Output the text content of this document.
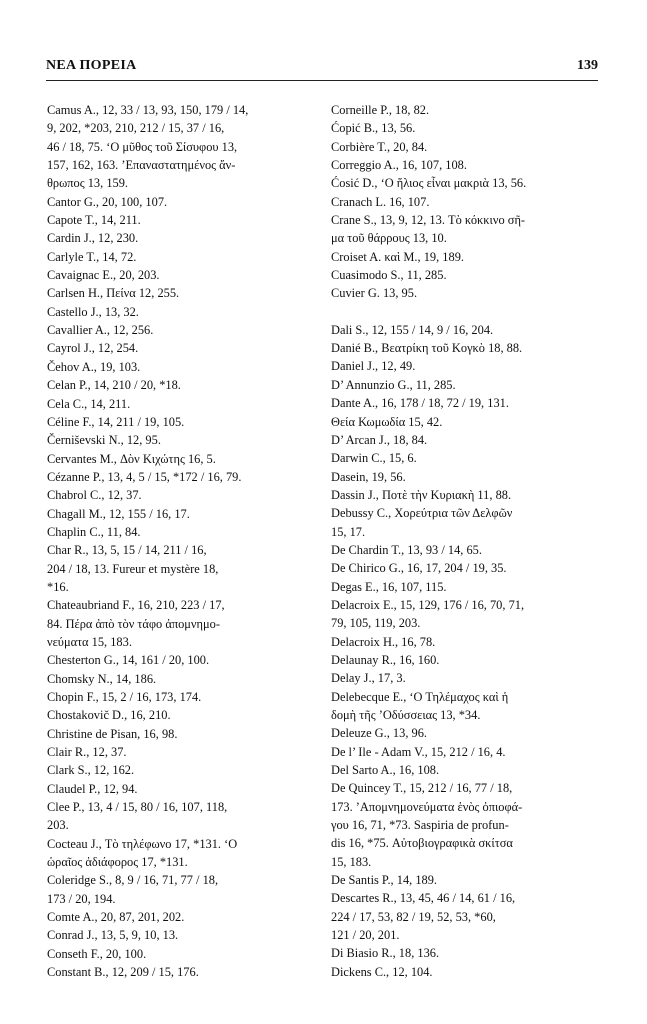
ΝΕΑ ΠΟΡΕΙΑ	139
Camus A., 12, 33 / 13, 93, 150, 179 / 14,
9, 202, *203, 210, 212 / 15, 37 / 16,
46 / 18, 75. ‘Ο μῦθος τοῦ Σίσυφου 13,
157, 162, 163. ’Επαναστατημένος ἄν-
θρωπος 13, 159.
Cantor G., 20, 100, 107.
Capote T., 14, 211.
Cardin J., 12, 230.
Carlyle T., 14, 72.
Cavaignac E., 20, 203.
Carlsen H., Πείνα 12, 255.
Castello J., 13, 32.
Cavallier A., 12, 256.
Cayrol J., 12, 254.
Čehov A., 19, 103.
Celan P., 14, 210 / 20, *18.
Cela C., 14, 211.
Céline F., 14, 211 / 19, 105.
Černiševski N., 12, 95.
Cervantes M., Δὸν Κιχώτης 16, 5.
Cézanne P., 13, 4, 5 / 15, *172 / 16, 79.
Chabrol C., 12, 37.
Chagall M., 12, 155 / 16, 17.
Chaplin C., 11, 84.
Char R., 13, 5, 15 / 14, 211 / 16,
204 / 18, 13. Fureur et mystère 18,
*16.
Chateaubriand F., 16, 210, 223 / 17,
84. Πέρα ἀπὸ τὸν τάφο ἀπομνημο-
νεύματα 15, 183.
Chesterton G., 14, 161 / 20, 100.
Chomsky N., 14, 186.
Chopin F., 15, 2 / 16, 173, 174.
Chostakovič D., 16, 210.
Christine de Pisan, 16, 98.
Clair R., 12, 37.
Clark S., 12, 162.
Claudel P., 12, 94.
Clee P., 13, 4 / 15, 80 / 16, 107, 118,
203.
Cocteau J., Τὸ τηλέφωνο 17, *131. ‘Ο
ὡραῖος ἀδιάφορος 17, *131.
Coleridge S., 8, 9 / 16, 71, 77 / 18,
173 / 20, 194.
Comte A., 20, 87, 201, 202.
Conrad J., 13, 5, 9, 10, 13.
Conseth F., 20, 100.
Constant B., 12, 209 / 15, 176.
Corneille P., 18, 82.
Ćopić B., 13, 56.
Corbière T., 20, 84.
Correggio A., 16, 107, 108.
Ćosić D., ‘Ο ἥλιος εἶναι μακριὰ 13, 56.
Cranach L. 16, 107.
Crane S., 13, 9, 12, 13. Τὸ κόκκινο σῆ-
μα τοῦ θάρρους 13, 10.
Croiset A. καὶ M., 19, 189.
Cuasimodo S., 11, 285.
Cuvier G. 13, 95.
Dali S., 12, 155 / 14, 9 / 16, 204.
Danié B., Βεατρίκη τοῦ Κογκὸ 18, 88.
Daniel J., 12, 49.
D’ Annunzio G., 11, 285.
Dante A., 16, 178 / 18, 72 / 19, 131.
Θεία Κωμωδία 15, 42.
D’ Arcan J., 18, 84.
Darwin C., 15, 6.
Dasein, 19, 56.
Dassin J., Ποτὲ τὴν Κυριακὴ 11, 88.
Debussy C., Χορεύτρια τῶν Δελφῶν
15, 17.
De Chardin T., 13, 93 / 14, 65.
De Chirico G., 16, 17, 204 / 19, 35.
Degas E., 16, 107, 115.
Delacroix E., 15, 129, 176 / 16, 70, 71,
79, 105, 119, 203.
Delacroix H., 16, 78.
Delaunay R., 16, 160.
Delay J., 17, 3.
Delebecque E., ‘Ο Τηλέμαχος καὶ ἡ
δομὴ τῆς ’Οδύσσειας 13, *34.
Deleuze G., 13, 96.
De l’ Ile - Adam V., 15, 212 / 16, 4.
Del Sarto A., 16, 108.
De Quincey T., 15, 212 / 16, 77 / 18,
173. ’Απομνημονεύματα ἑνὸς ὀπιοφά-
γου 16, 71, *73. Saspiria de profun-
dis 16, *75. Αὐτοβιογραφικὰ σκίτσα
15, 183.
De Santis P., 14, 189.
Descartes R., 13, 45, 46 / 14, 61 / 16,
224 / 17, 53, 82 / 19, 52, 53, *60,
121 / 20, 201.
Di Biasio R., 18, 136.
Dickens C., 12, 104.
